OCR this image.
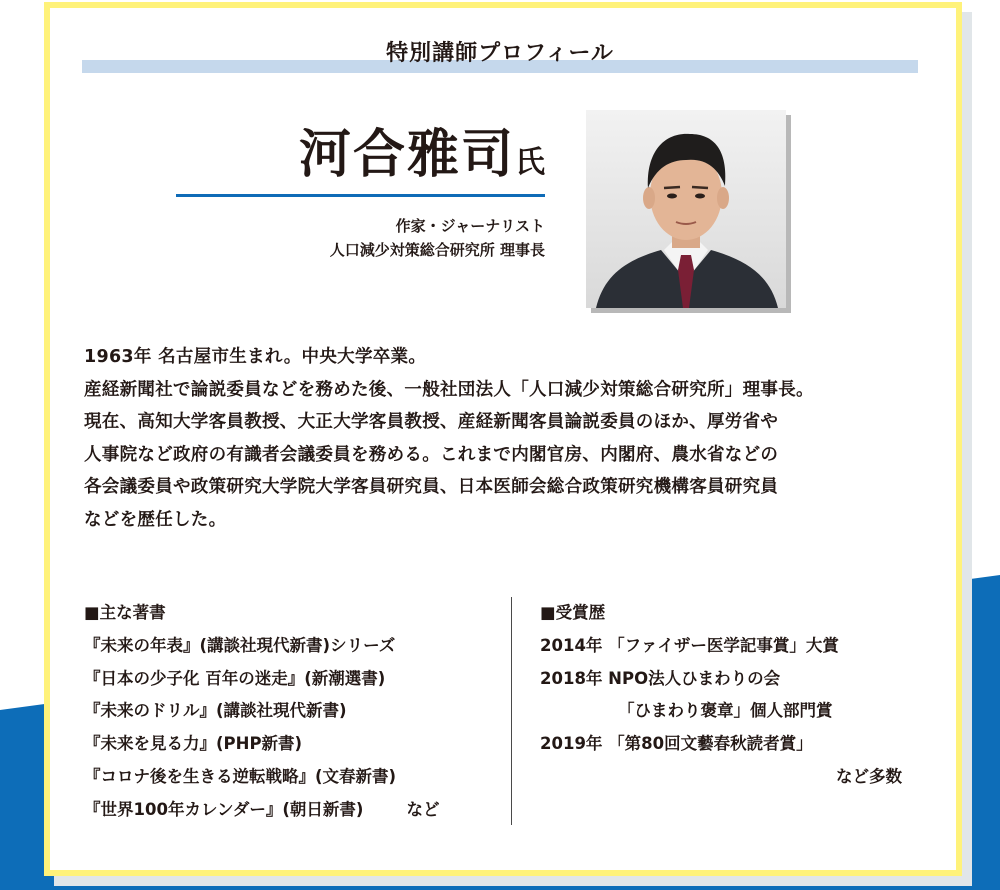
特別講師プロフィール
河合雅司氏
作家・ジャーナリスト
人口減少対策総合研究所 理事長
1963年 名古屋市生まれ。中央大学卒業。
産経新聞社で論説委員などを務めた後、一般社団法人「人口減少対策総合研究所」理事長。
現在、高知大学客員教授、大正大学客員教授、産経新聞客員論説委員のほか、厚労省や
人事院など政府の有識者会議委員を務める。これまで内閣官房、内閣府、農水省などの
各会議委員や政策研究大学院大学客員研究員、日本医師会総合政策研究機構客員研究員
などを歴任した。
■主な著書
『未来の年表』(講談社現代新書)シリーズ
『日本の少子化 百年の迷走』(新潮選書)
『未来のドリル』(講談社現代新書)
『未来を見る力』(PHP新書)
『コロナ後を生きる逆転戦略』(文春新書)
『世界100年カレンダー』(朝日新書)	など
■受賞歴
2014年 「ファイザー医学記事賞」大賞
2018年 NPO法人ひまわりの会
「ひまわり褒章」個人部門賞
2019年 「第80回文藝春秋読者賞」
など多数
